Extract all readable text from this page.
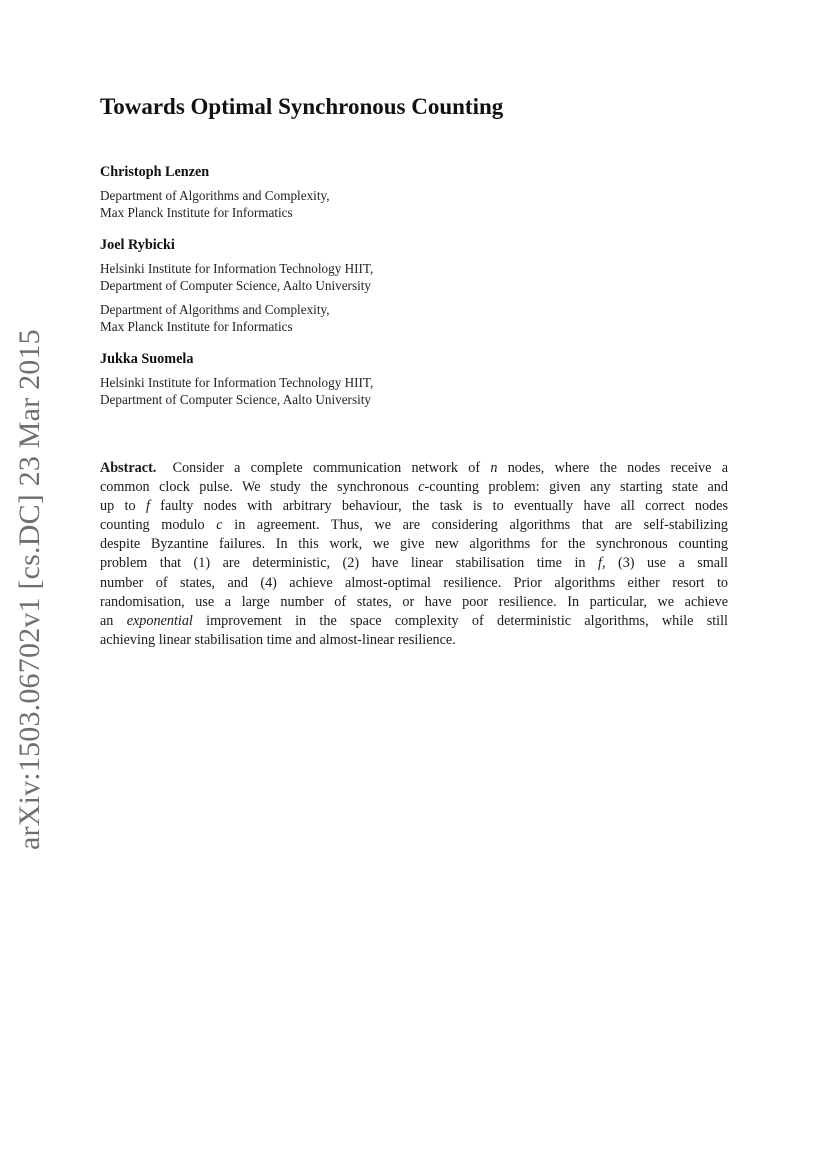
arXiv:1503.06702v1 [cs.DC] 23 Mar 2015
Towards Optimal Synchronous Counting
Christoph Lenzen
Department of Algorithms and Complexity,
Max Planck Institute for Informatics
Joel Rybicki
Helsinki Institute for Information Technology HIIT,
Department of Computer Science, Aalto University
Department of Algorithms and Complexity,
Max Planck Institute for Informatics
Jukka Suomela
Helsinki Institute for Information Technology HIIT,
Department of Computer Science, Aalto University
Abstract. Consider a complete communication network of n nodes, where the nodes receive a
common clock pulse. We study the synchronous c-counting problem: given any starting state and
up to f faulty nodes with arbitrary behaviour, the task is to eventually have all correct nodes
counting modulo c in agreement. Thus, we are considering algorithms that are self-stabilizing
despite Byzantine failures. In this work, we give new algorithms for the synchronous counting
problem that (1) are deterministic, (2) have linear stabilisation time in f, (3) use a small
number of states, and (4) achieve almost-optimal resilience. Prior algorithms either resort to
randomisation, use a large number of states, or have poor resilience. In particular, we achieve
an exponential improvement in the space complexity of deterministic algorithms, while still
achieving linear stabilisation time and almost-linear resilience.
